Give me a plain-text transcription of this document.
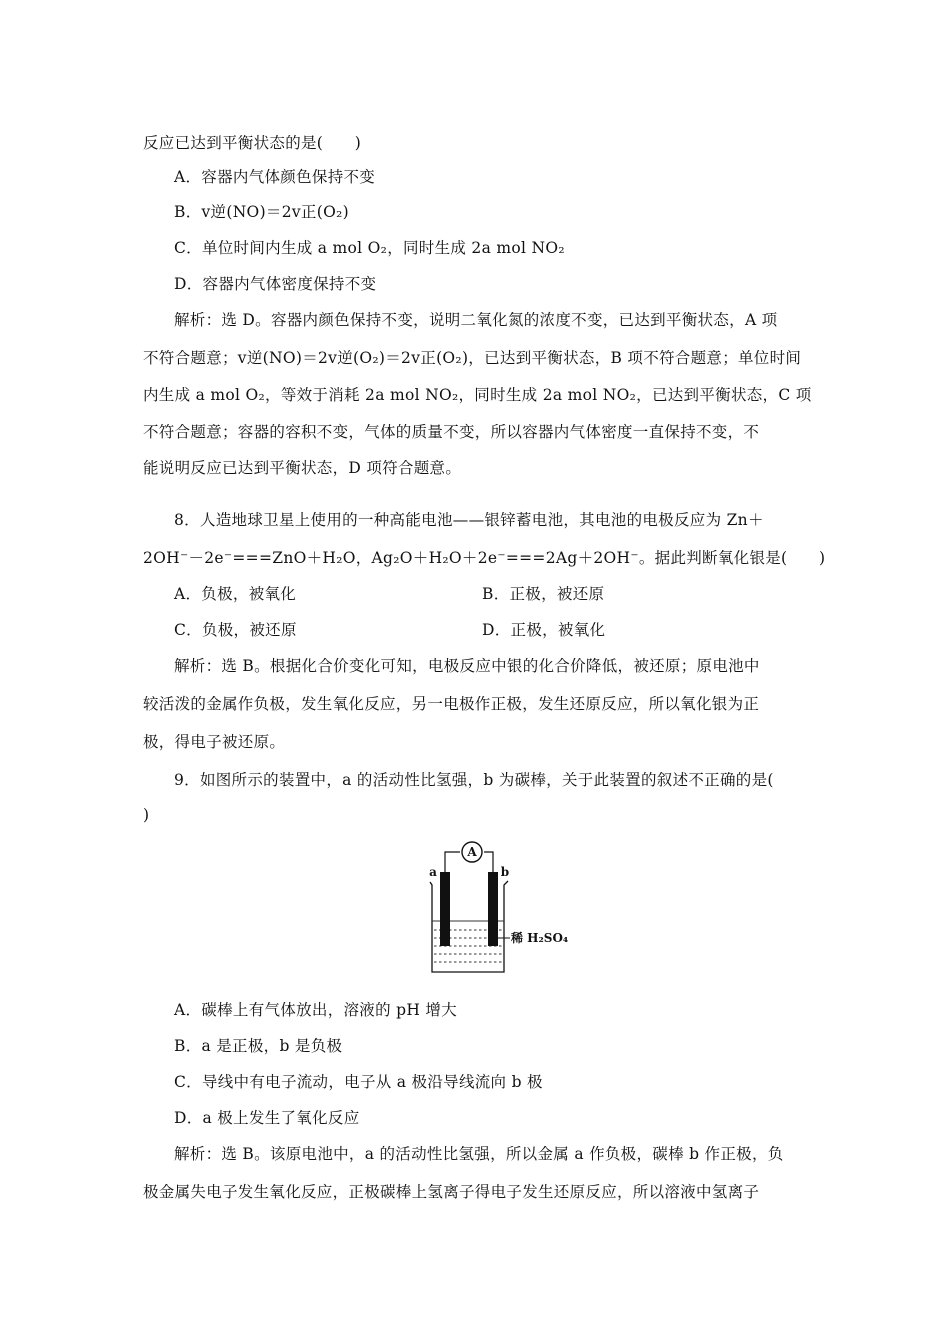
反应已达到平衡状态的是(　　)
A．容器内气体颜色保持不变
B．v逆(NO)＝2v正(O₂)
C．单位时间内生成 a mol O₂，同时生成 2a mol NO₂
D．容器内气体密度保持不变
解析：选 D。容器内颜色保持不变，说明二氧化氮的浓度不变，已达到平衡状态，A 项
不符合题意；v逆(NO)＝2v逆(O₂)＝2v正(O₂)，已达到平衡状态，B 项不符合题意；单位时间
内生成 a mol O₂，等效于消耗 2a mol NO₂，同时生成 2a mol NO₂，已达到平衡状态，C 项
不符合题意；容器的容积不变，气体的质量不变，所以容器内气体密度一直保持不变，不
能说明反应已达到平衡状态，D 项符合题意。
8．人造地球卫星上使用的一种高能电池——银锌蓄电池，其电池的电极反应为 Zn＋
2OH⁻－2e⁻===ZnO＋H₂O，Ag₂O＋H₂O＋2e⁻===2Ag＋2OH⁻。据此判断氧化银是(　　)
A．负极，被氧化	B．正极，被还原
C．负极，被还原	D．正极，被氧化
解析：选 B。根据化合价变化可知，电极反应中银的化合价降低，被还原；原电池中
较活泼的金属作负极，发生氧化反应，另一电极作正极，发生还原反应，所以氧化银为正
极，得电子被还原。
9．如图所示的装置中，a 的活动性比氢强，b 为碳棒，关于此装置的叙述不正确的是(
)
A
a	b
稀 H₂SO₄
A．碳棒上有气体放出，溶液的 pH 增大
B．a 是正极，b 是负极
C．导线中有电子流动，电子从 a 极沿导线流向 b 极
D．a 极上发生了氧化反应
解析：选 B。该原电池中，a 的活动性比氢强，所以金属 a 作负极，碳棒 b 作正极，负
极金属失电子发生氧化反应，正极碳棒上氢离子得电子发生还原反应，所以溶液中氢离子
